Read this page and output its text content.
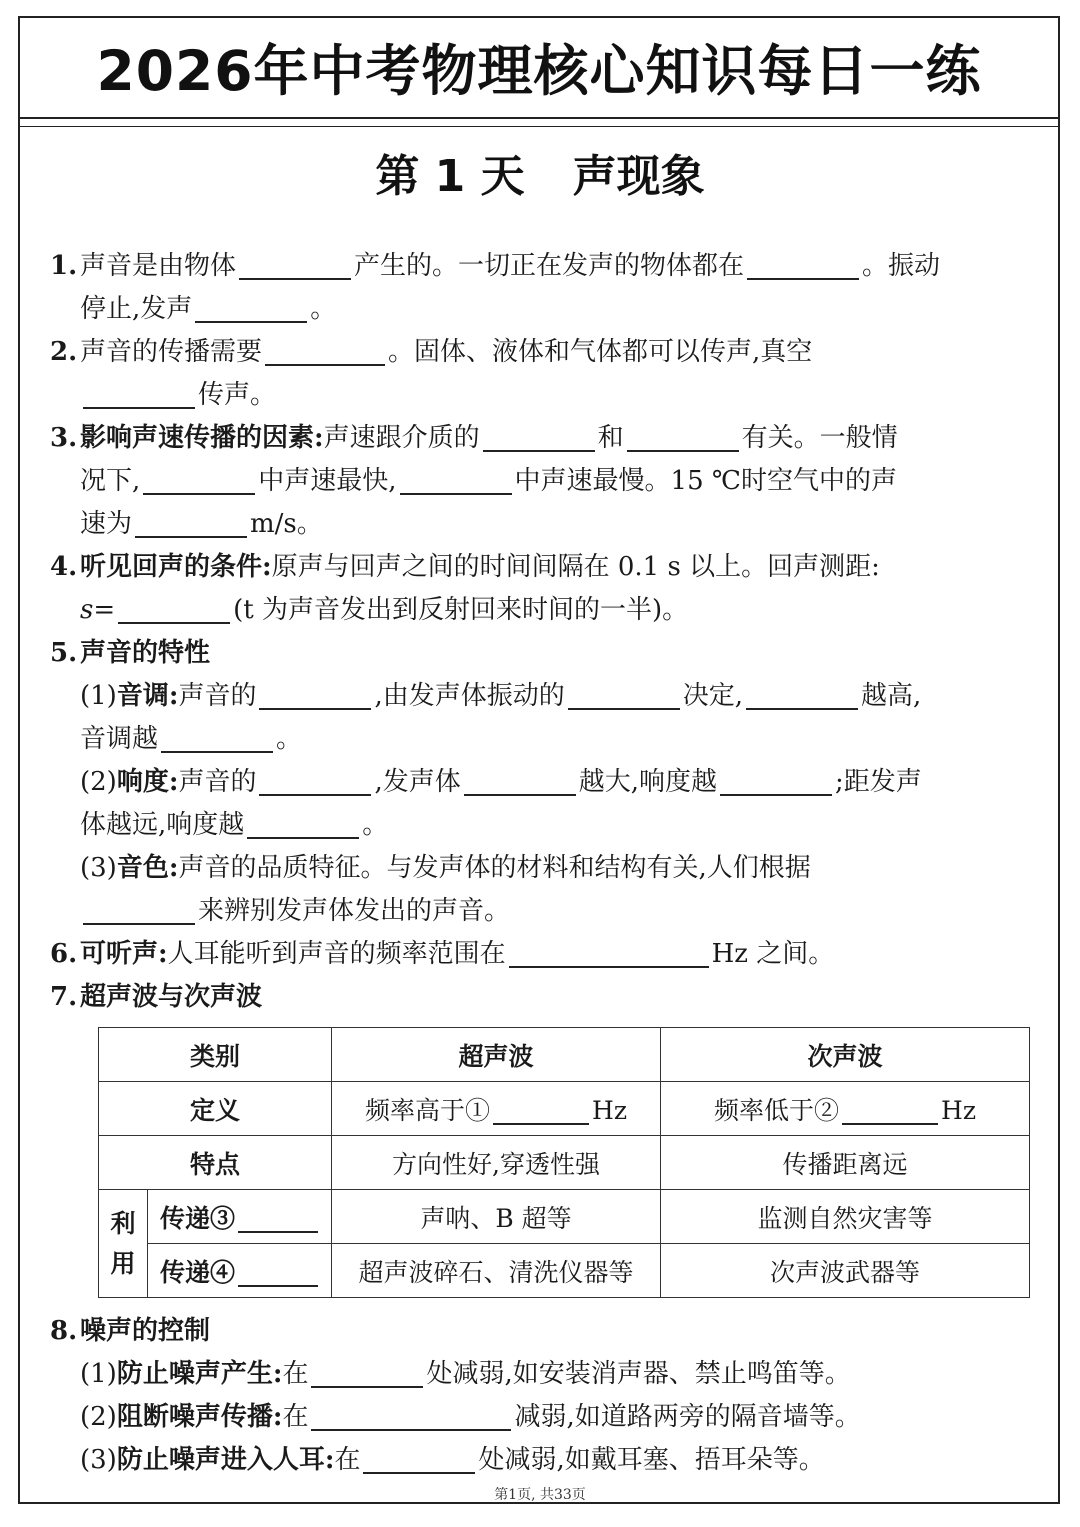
2026年中考物理核心知识每日一练
第 1 天 声现象
1. 声音是由物体	产生的。一切正在发声的物体都在	。振动
停止,发声	。
2. 声音的传播需要	。固体、液体和气体都可以传声,真空
传声。
3. 影响声速传播的因素:声速跟介质的	和	有关。一般情
况下,	中声速最快,	中声速最慢。15 ℃时空气中的声
速为	m/s。
4. 听见回声的条件:原声与回声之间的时间间隔在 0.1 s 以上。回声测距:
s=	(t 为声音发出到反射回来时间的一半)。
5. 声音的特性
(1)音调:声音的	,由发声体振动的	决定,	越高,
音调越	。
(2)响度:声音的	,发声体	越大,响度越	;距发声
体越远,响度越	。
(3)音色:声音的品质特征。与发声体的材料和结构有关,人们根据
来辨别发声体发出的声音。
6. 可听声:人耳能听到声音的频率范围在	Hz 之间。
7. 超声波与次声波
类别		超声波	次声波
定义		频率高于① Hz	频率低于② Hz
特点		方向性好,穿透性强	传播距离远
利
用	传递③	声呐、B 超等	监测自然灾害等
	传递④	超声波碎石、清洗仪器等	次声波武器等
8. 噪声的控制
(1)防止噪声产生:在	处减弱,如安装消声器、禁止鸣笛等。
(2)阻断噪声传播:在	减弱,如道路两旁的隔音墙等。
(3)防止噪声进入人耳:在	处减弱,如戴耳塞、捂耳朵等。
第1页, 共33页
